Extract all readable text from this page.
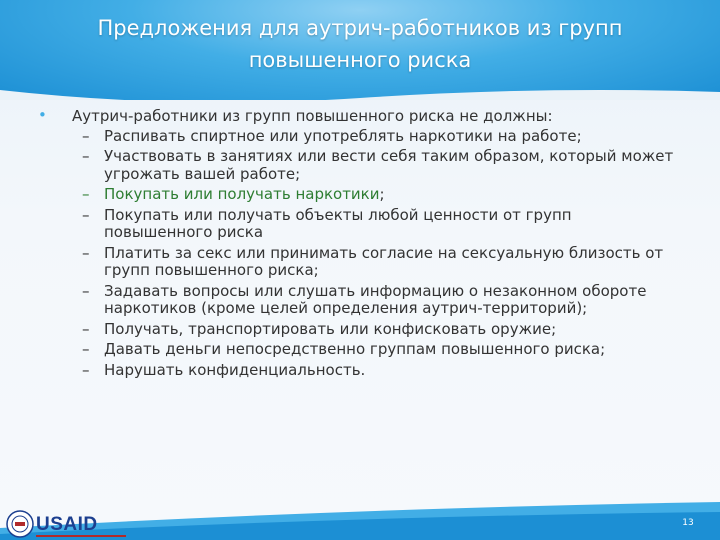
Предложения для аутрич-работников из групп
повышенного риска
• Аутрич-работники из групп повышенного риска не должны:
– Распивать спиртное или употреблять наркотики на работе;
– Участвовать в занятиях или вести себя таким образом, который может угрожать вашей работе;
– Покупать или получать наркотики;
– Покупать или получать объекты любой ценности от групп повышенного риска
– Платить за секс или принимать согласие на сексуальную близость от групп повышенного риска;
– Задавать вопросы или слушать информацию о незаконном обороте наркотиков (кроме целей определения аутрич-территорий);
– Получать, транспортировать или конфисковать оружие;
– Давать деньги непосредственно группам повышенного риска;
– Нарушать конфиденциальность.
USAID	13
